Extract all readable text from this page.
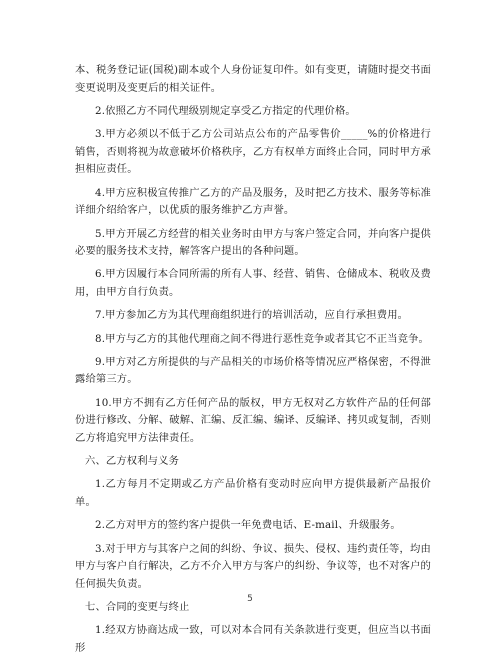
本、税务登记证(国税)副本或个人身份证复印件。如有变更，请随时提交书面变更说明及变更后的相关证件。

2.依照乙方不同代理级别规定享受乙方指定的代理价格。

3.甲方必须以不低于乙方公司站点公布的产品零售价_____%的价格进行销售，否则将视为故意破坏价格秩序，乙方有权单方面终止合同，同时甲方承担相应责任。

4.甲方应积极宣传推广乙方的产品及服务，及时把乙方技术、服务等标准详细介绍给客户，以优质的服务维护乙方声誉。

5.甲方开展乙方经营的相关业务时由甲方与客户签定合同，并向客户提供必要的服务技术支持，解答客户提出的各种问题。

6.甲方因履行本合同所需的所有人事、经营、销售、仓储成本、税收及费用，由甲方自行负责。

7.甲方参加乙方为其代理商组织进行的培训活动，应自行承担费用。

8.甲方与乙方的其他代理商之间不得进行恶性竞争或者其它不正当竞争。

9.甲方对乙方所提供的与产品相关的市场价格等情况应严格保密，不得泄露给第三方。

10.甲方不拥有乙方任何产品的版权，甲方无权对乙方软件产品的任何部份进行修改、分解、破解、汇编、反汇编、编译、反编译、拷贝或复制，否则乙方将追究甲方法律责任。

六、乙方权利与义务

1.乙方每月不定期或乙方产品价格有变动时应向甲方提供最新产品报价单。

2.乙方对甲方的签约客户提供一年免费电话、E-mail、升级服务。

3.对于甲方与其客户之间的纠纷、争议、损失、侵权、违约责任等，均由甲方与客户自行解决，乙方不介入甲方与客户的纠纷、争议等，也不对客户的任何损失负责。

七、合同的变更与终止

1.经双方协商达成一致，可以对本合同有关条款进行变更，但应当以书面形

5
